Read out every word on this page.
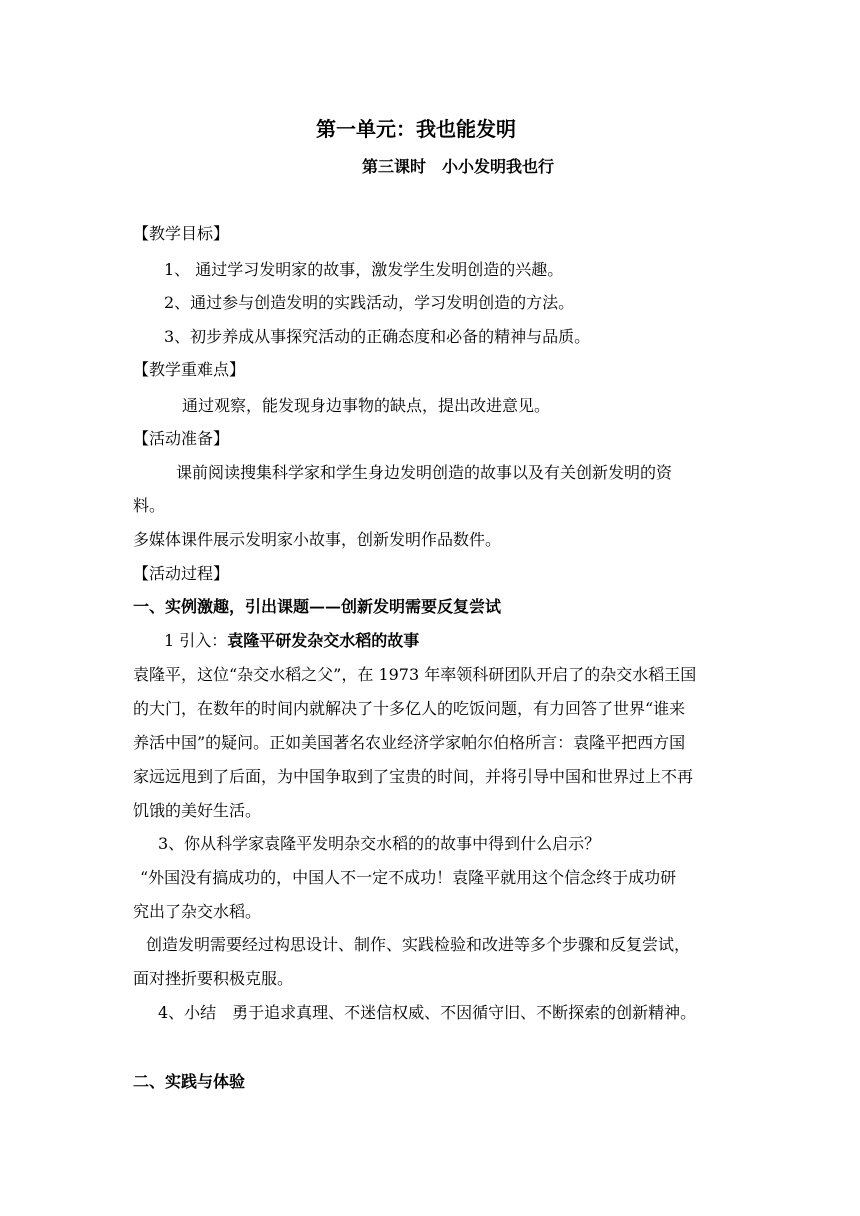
第一单元：我也能发明
第三课时　小小发明我也行
【教学目标】
1、 通过学习发明家的故事，激发学生发明创造的兴趣。
2、通过参与创造发明的实践活动，学习发明创造的方法。
3、初步养成从事探究活动的正确态度和必备的精神与品质。
【教学重难点】
通过观察，能发现身边事物的缺点，提出改进意见。
【活动准备】
课前阅读搜集科学家和学生身边发明创造的故事以及有关创新发明的资
料。
多媒体课件展示发明家小故事，创新发明作品数件。
【活动过程】
一、实例激趣，引出课题——创新发明需要反复尝试
1 引入：袁隆平研发杂交水稻的故事
袁隆平，这位“杂交水稻之父”，在 1973 年率领科研团队开启了的杂交水稻王国
的大门，在数年的时间内就解决了十多亿人的吃饭问题，有力回答了世界“谁来
养活中国”的疑问。正如美国著名农业经济学家帕尔伯格所言：袁隆平把西方国
家远远甩到了后面，为中国争取到了宝贵的时间，并将引导中国和世界过上不再
饥饿的美好生活。
3、你从科学家袁隆平发明杂交水稻的的故事中得到什么启示？
“外国没有搞成功的，中国人不一定不成功！袁隆平就用这个信念终于成功研
究出了杂交水稻。
创造发明需要经过构思设计、制作、实践检验和改进等多个步骤和反复尝试，
面对挫折要积极克服。
4、小结　勇于追求真理、不迷信权威、不因循守旧、不断探索的创新精神。
二、实践与体验
